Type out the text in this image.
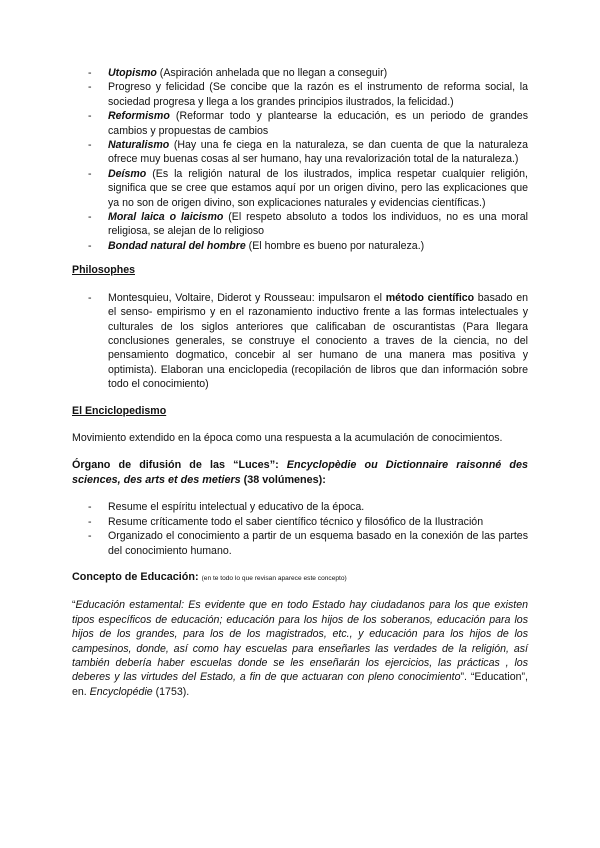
- Utopismo (Aspiración anhelada que no llegan a conseguir)
- Progreso y felicidad (Se concibe que la razón es el instrumento de reforma social, la sociedad progresa y llega a los grandes principios ilustrados, la felicidad.)
- Reformismo (Reformar todo y plantearse la educación, es un periodo de grandes cambios y propuestas de cambios
- Naturalismo (Hay una fe ciega en la naturaleza, se dan cuenta de que la naturaleza ofrece muy buenas cosas al ser humano, hay una revalorización total de la naturaleza.)
- Deísmo (Es la religión natural de los ilustrados, implica respetar cualquier religión, significa que se cree que estamos aquí por un origen divino, pero las explicaciones que ya no son de origen divino, son explicaciones naturales y evidencias científicas.)
- Moral laica o laicismo (El respeto absoluto a todos los individuos, no es una moral religiosa, se alejan de lo religioso
- Bondad natural del hombre (El hombre es bueno por naturaleza.)
Philosophes
- Montesquieu, Voltaire, Diderot y Rousseau: impulsaron el método científico basado en el senso- empirismo y en el razonamiento inductivo frente a las formas intelectuales y culturales de los siglos anteriores que calificaban de oscurantistas (Para llegara conclusiones generales, se construye el conociento a traves de la ciencia, no del pensamiento dogmatico, concebir al ser humano de una manera mas positiva y optimista). Elaboran una enciclopedia (recopilación de libros que dan información sobre todo el conocimiento)
El Enciclopedismo

Movimiento extendido en la época como una respuesta a la acumulación de conocimientos.

Órgano de difusión de las “Luces”: Encyclopèdie ou Dictionnaire raisonné des sciences, des arts et des metiers (38 volúmenes):

- Resume el espíritu intelectual y educativo de la época.
- Resume críticamente todo el saber científico técnico y filosófico de la Ilustración
- Organizado el conocimiento a partir de un esquema basado en la conexión de las partes del conocimiento humano.

Concepto de Educación: (en te todo lo que revisan aparece este concepto)

“Educación estamental: Es evidente que en todo Estado hay ciudadanos para los que existen tipos específicos de educación; educación para los hijos de los soberanos, educación para los hijos de los grandes, para los de los magistrados, etc., y educación para los hijos de los campesinos, donde, así como hay escuelas para enseñarles las verdades de la religión, así también debería haber escuelas donde se les enseñarán los ejercicios, las prácticas , los deberes y las virtudes del Estado, a fin de que actuaran con pleno conocimiento”. “Education”, en. Encyclopédie (1753).
